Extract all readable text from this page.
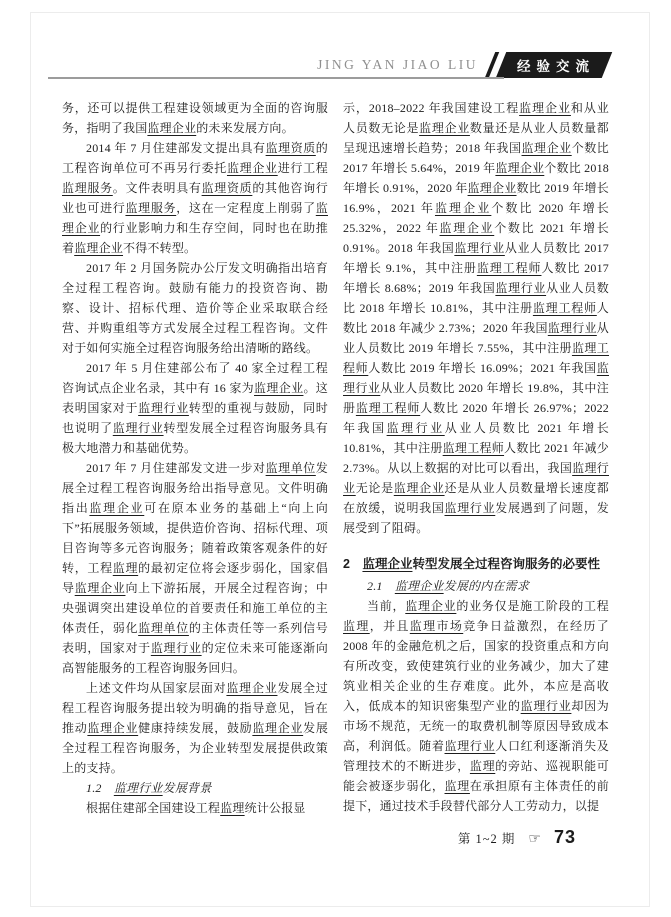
JING YAN JIAO LIU	经验交流

务，还可以提供工程建设领域更为全面的咨询服务，指明了我国监理企业的未来发展方向。

2014 年 7 月住建部发文提出具有监理资质的工程咨询单位可不再另行委托监理企业进行工程监理服务。文件表明具有监理资质的其他咨询行业也可进行监理服务，这在一定程度上削弱了监理企业的行业影响力和生存空间，同时也在助推着监理企业不得不转型。

2017 年 2 月国务院办公厅发文明确指出培育全过程工程咨询。鼓励有能力的投资咨询、勘察、设计、招标代理、造价等企业采取联合经营、并购重组等方式发展全过程工程咨询。文件对于如何实施全过程咨询服务给出清晰的路线。

2017 年 5 月住建部公布了 40 家全过程工程咨询试点企业名录，其中有 16 家为监理企业。这表明国家对于监理行业转型的重视与鼓励，同时也说明了监理行业转型发展全过程咨询服务具有极大地潜力和基础优势。

2017 年 7 月住建部发文进一步对监理单位发展全过程工程咨询服务给出指导意见。文件明确指出监理企业可在原本业务的基础上“向上向下”拓展服务领域，提供造价咨询、招标代理、项目咨询等多元咨询服务；随着政策客观条件的好转，工程监理的最初定位将会逐步弱化，国家倡导监理企业向上下游拓展，开展全过程咨询；中央强调突出建设单位的首要责任和施工单位的主体责任，弱化监理单位的主体责任等一系列信号表明，国家对于监理行业的定位未来可能逐渐向高智能服务的工程咨询服务回归。

上述文件均从国家层面对监理企业发展全过程工程咨询服务提出较为明确的指导意见，旨在推动监理企业健康持续发展，鼓励监理企业发展全过程工程咨询服务，为企业转型发展提供政策上的支持。

1.2　监理行业发展背景

根据住建部全国建设工程监理统计公报显

示，2018–2022 年我国建设工程监理企业和从业人员数无论是监理企业数量还是从业人员数量都呈现迅速增长趋势；2018 年我国监理企业个数比 2017 年增长 5.64%，2019 年监理企业个数比 2018 年增长 0.91%，2020 年监理企业数比 2019 年增长 16.9%，2021 年监理企业个数比 2020 年增长 25.32%，2022 年监理企业个数比 2021 年增长 0.91%。2018 年我国监理行业从业人员数比 2017 年增长 9.1%，其中注册监理工程师人数比 2017 年增长 8.68%；2019 年我国监理行业从业人员数比 2018 年增长 10.81%，其中注册监理工程师人数比 2018 年减少 2.73%；2020 年我国监理行业从业人员数比 2019 年增长 7.55%，其中注册监理工程师人数比 2019 年增长 16.09%；2021 年我国监理行业从业人员数比 2020 年增长 19.8%，其中注册监理工程师人数比 2020 年增长 26.97%；2022 年我国监理行业从业人员数比 2021 年增长 10.81%，其中注册监理工程师人数比 2021 年减少 2.73%。从以上数据的对比可以看出，我国监理行业无论是监理企业还是从业人员数量增长速度都在放缓，说明我国监理行业发展遇到了问题，发展受到了阻碍。

2　监理企业转型发展全过程咨询服务的必要性

2.1　监理企业发展的内在需求

当前，监理企业的业务仅是施工阶段的工程监理，并且监理市场竞争日益激烈，在经历了 2008 年的金融危机之后，国家的投资重点和方向有所改变，致使建筑行业的业务减少，加大了建筑业相关企业的生存难度。此外，本应是高收入，低成本的知识密集型产业的监理行业却因为市场不规范，无统一的取费机制等原因导致成本高，利润低。随着监理行业人口红利逐渐消失及管理技术的不断进步，监理的旁站、巡视职能可能会被逐步弱化，监理在承担原有主体责任的前提下，通过技术手段替代部分人工劳动力，以提

第 1~2 期 ☞ 73
